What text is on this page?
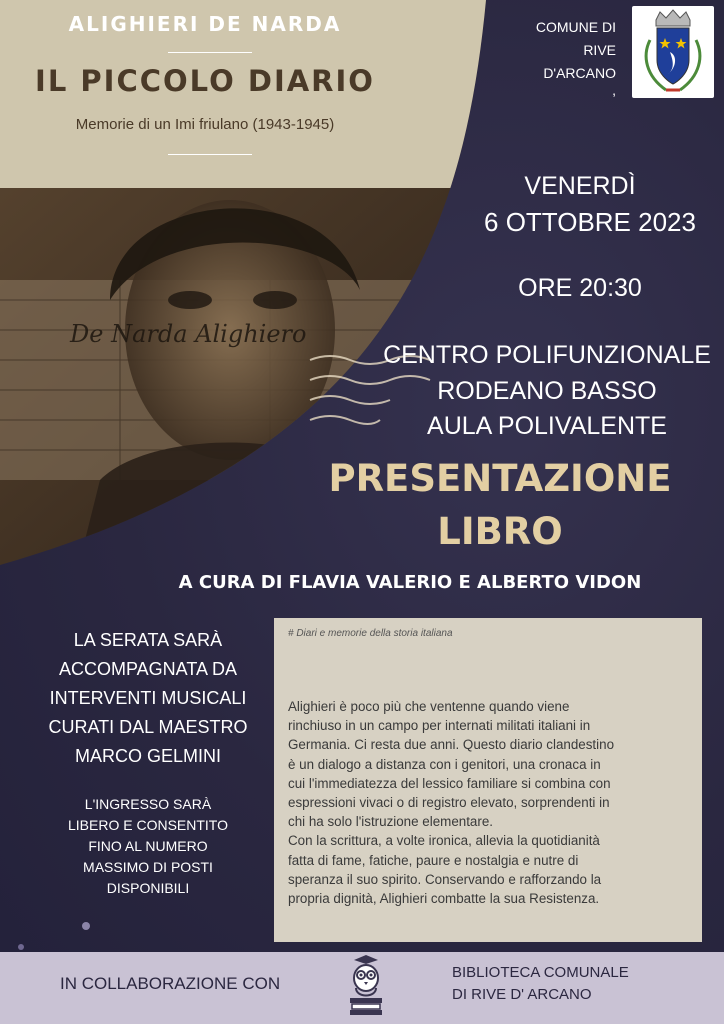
De Narda Alighiero
ALIGHIERI DE NARDA
IL PICCOLO DIARIO
Memorie di un Imi friulano (1943-1945)
COMUNE DI
RIVE
D'ARCANO
,
VENERDÌ
6 OTTOBRE 2023
ORE 20:30
CENTRO POLIFUNZIONALE
RODEANO BASSO
AULA POLIVALENTE
PRESENTAZIONE
LIBRO
A CURA DI FLAVIA VALERIO E ALBERTO VIDON
LA SERATA SARÀ
ACCOMPAGNATA DA
INTERVENTI MUSICALI
CURATI DAL MAESTRO
MARCO GELMINI
L'INGRESSO SARÀ
LIBERO E CONSENTITO
FINO AL NUMERO
MASSIMO DI POSTI
DISPONIBILI
# Diari e memorie della storia italiana
Alighieri è poco più che ventenne quando viene
rinchiuso in un campo per internati militati italiani in
Germania. Ci resta due anni. Questo diario clandestino
è un dialogo a distanza con i genitori, una cronaca in
cui l'immediatezza del lessico familiare si combina con
espressioni vivaci o di registro elevato, sorprendenti in
chi ha solo l'istruzione elementare.
Con la scrittura, a volte ironica, allevia la quotidianità
fatta di fame, fatiche, paure e nostalgia e nutre di
speranza il suo spirito. Conservando e rafforzando la
propria dignità, Alighieri combatte la sua Resistenza.
IN COLLABORAZIONE CON
BIBLIOTECA COMUNALE
DI RIVE D' ARCANO
